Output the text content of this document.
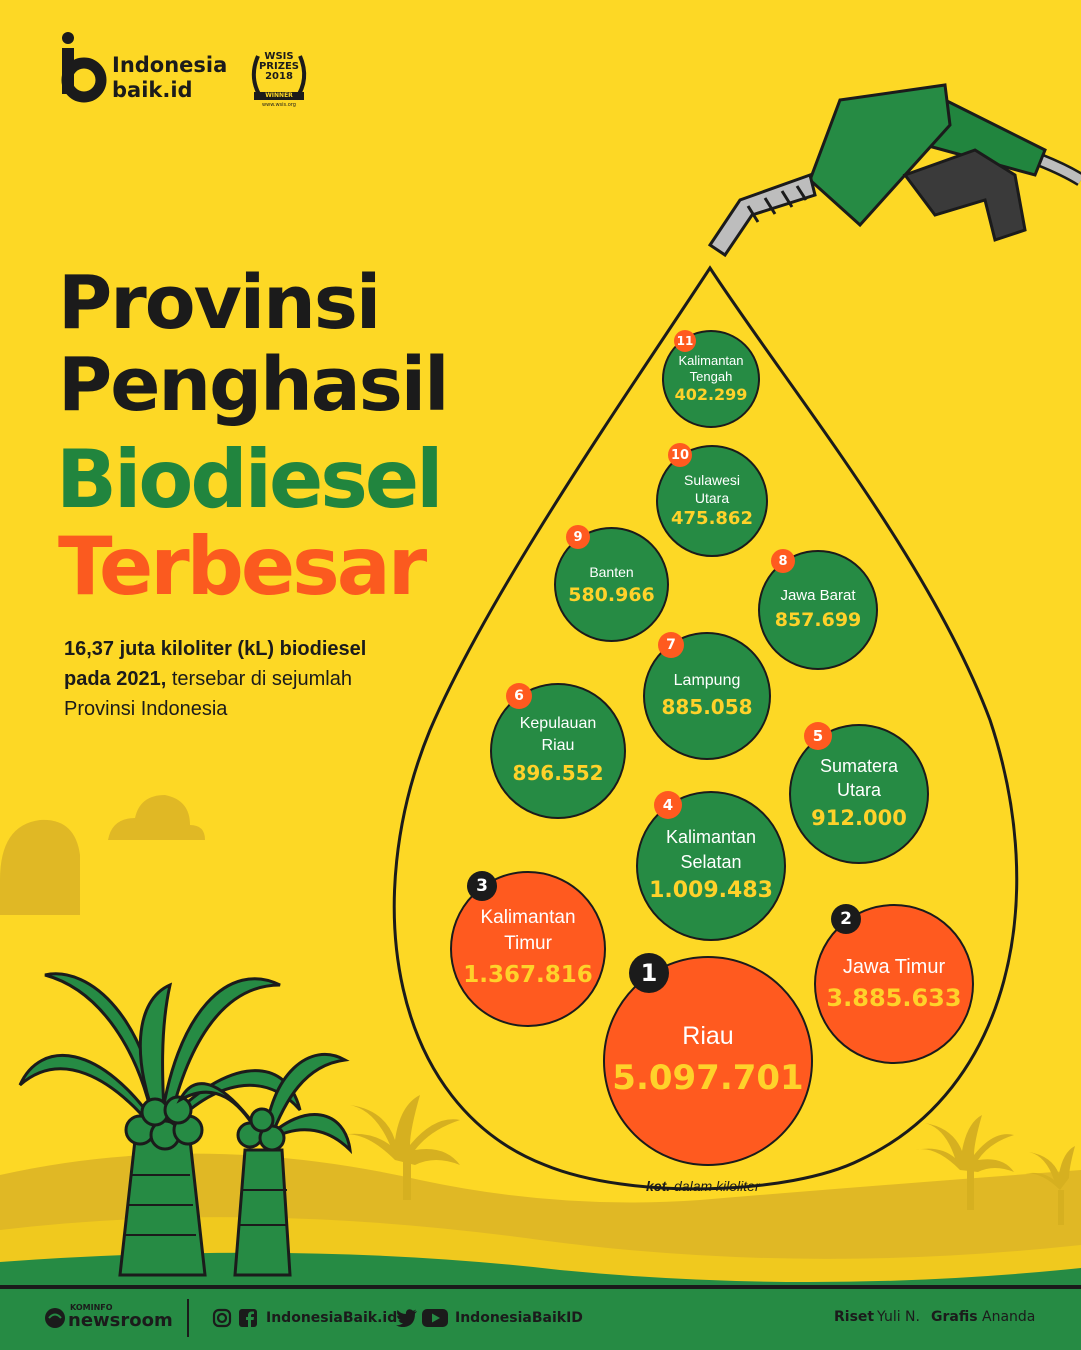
Indonesia
baik.id
WSIS
PRIZES
2018
WINNER
www.wsis.org
Provinsi
Penghasil
Biodiesel
Terbesar
16,37 juta kiloliter (kL) biodiesel
pada 2021, tersebar di sejumlah
Provinsi Indonesia
Kalimantan Tengah
402.299
11
Sulawesi Utara
475.862
10
Banten
580.966
9
Jawa Barat
857.699
8
Lampung
885.058
7
Kepulauan Riau
896.552
6
Sumatera Utara
912.000
5
Kalimantan Selatan
1.009.483
4
Kalimantan Timur
1.367.816
3
Jawa Timur
3.885.633
2
Riau
5.097.701
1
ket. dalam kiloliter
KOMINFO
newsroom	IndonesiaBaik.id	IndonesiaBaikID	Riset Yuli N. Grafis Ananda
